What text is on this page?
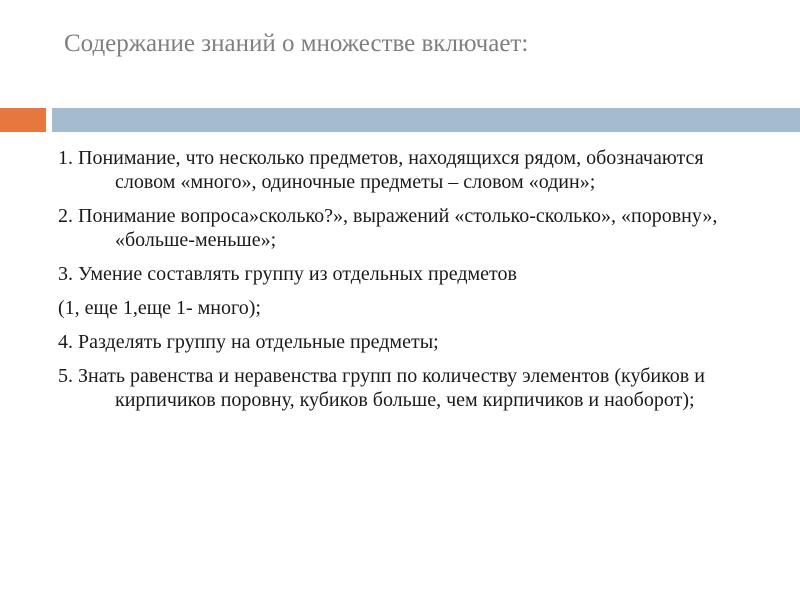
Содержание знаний о множестве включает:

1. Понимание, что несколько предметов, находящихся рядом, обозначаются словом «много», одиночные предметы – словом «один»;

2. Понимание вопроса»сколько?», выражений «столько-сколько», «поровну», «больше-меньше»;

3. Умение составлять группу из отдельных предметов

(1, еще 1,еще 1- много);

4. Разделять группу на отдельные предметы;

5. Знать равенства и неравенства групп по количеству элементов (кубиков и кирпичиков поровну, кубиков больше, чем кирпичиков и наоборот);
